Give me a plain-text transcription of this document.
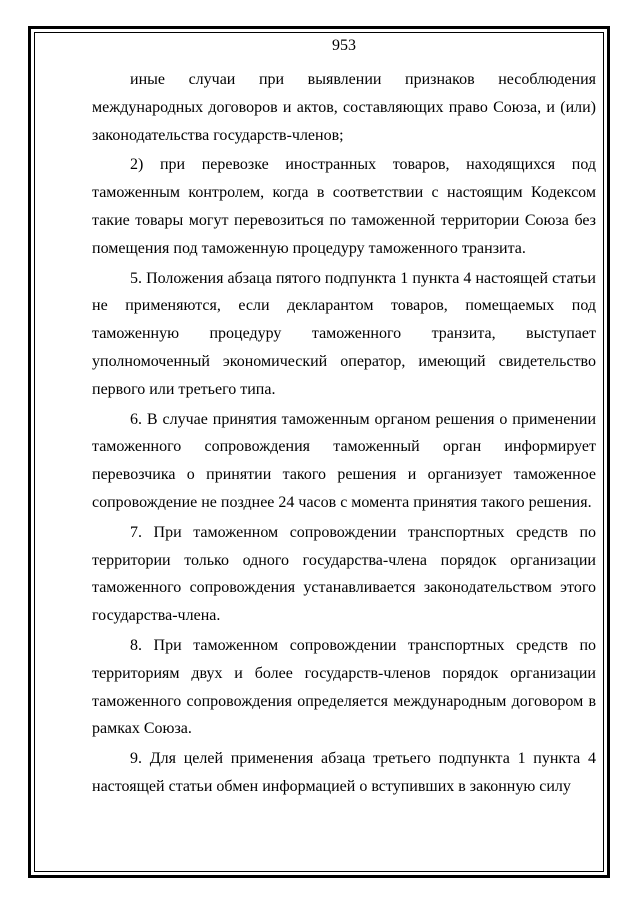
953

иные случаи при выявлении признаков несоблюдения международных договоров и актов, составляющих право Союза, и (или) законодательства государств-членов;

2) при перевозке иностранных товаров, находящихся под таможенным контролем, когда в соответствии с настоящим Кодексом такие товары могут перевозиться по таможенной территории Союза без помещения под таможенную процедуру таможенного транзита.

5. Положения абзаца пятого подпункта 1 пункта 4 настоящей статьи не применяются, если декларантом товаров, помещаемых под таможенную процедуру таможенного транзита, выступает уполномоченный экономический оператор, имеющий свидетельство первого или третьего типа.

6. В случае принятия таможенным органом решения о применении таможенного сопровождения таможенный орган информирует перевозчика о принятии такого решения и организует таможенное сопровождение не позднее 24 часов с момента принятия такого решения.

7. При таможенном сопровождении транспортных средств по территории только одного государства-члена порядок организации таможенного сопровождения устанавливается законодательством этого государства-члена.

8. При таможенном сопровождении транспортных средств по территориям двух и более государств-членов порядок организации таможенного сопровождения определяется международным договором в рамках Союза.

9. Для целей применения абзаца третьего подпункта 1 пункта 4 настоящей статьи обмен информацией о вступивших в законную силу
